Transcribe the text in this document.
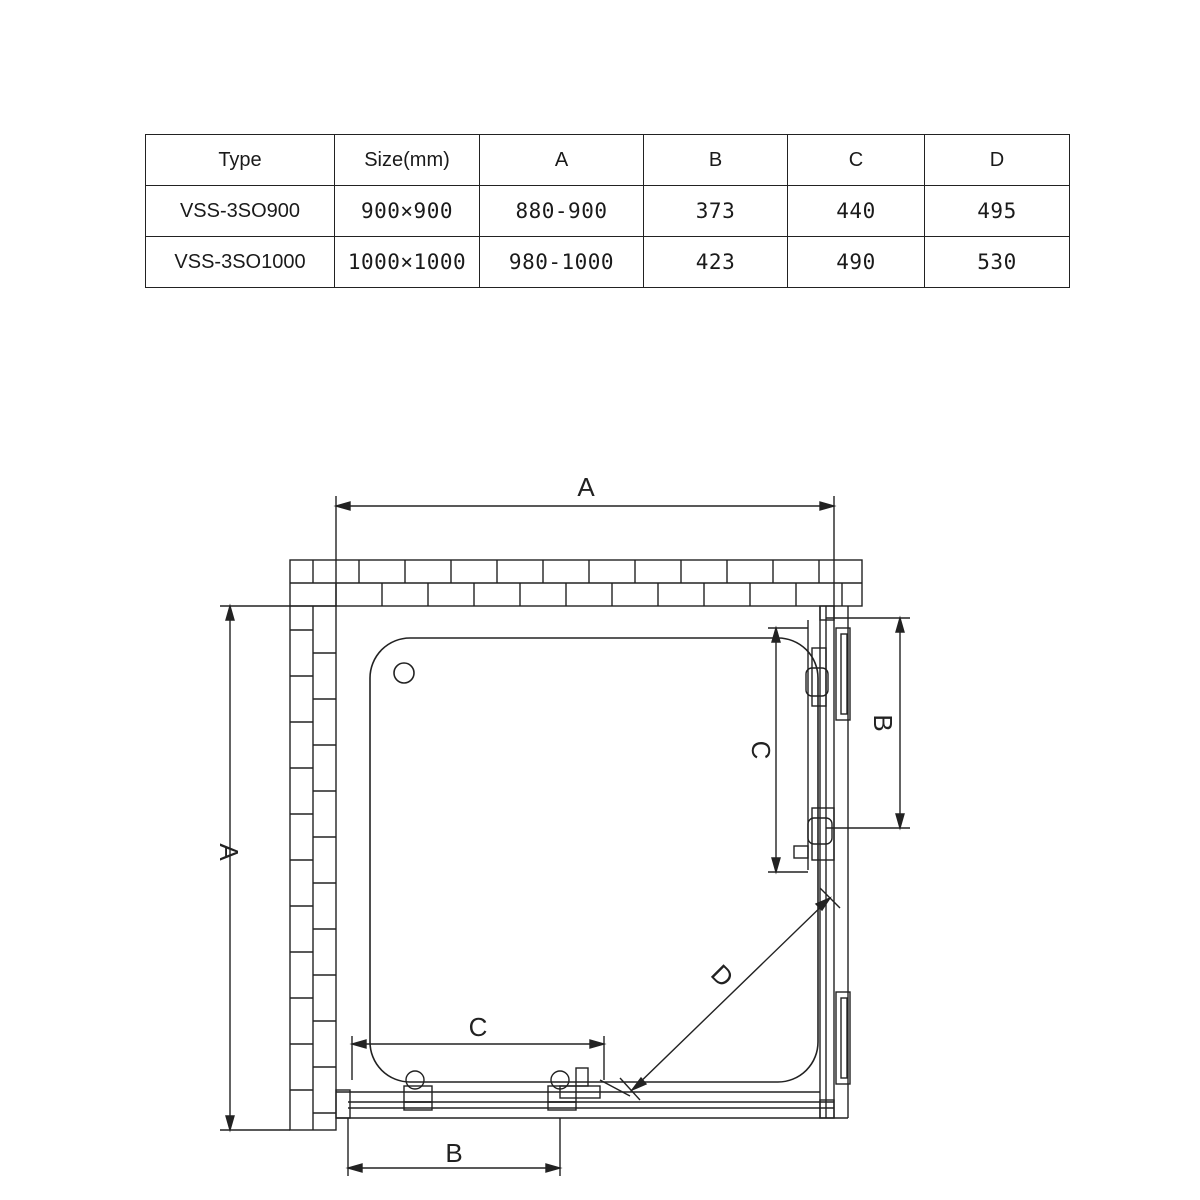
Type	Size(mm)	A	B	C	D
VSS-3SO900	900×900	880-900	373	440	495
VSS-3SO1000	1000×1000	980-1000	423	490	530
A
A
B
C
B
C
D
